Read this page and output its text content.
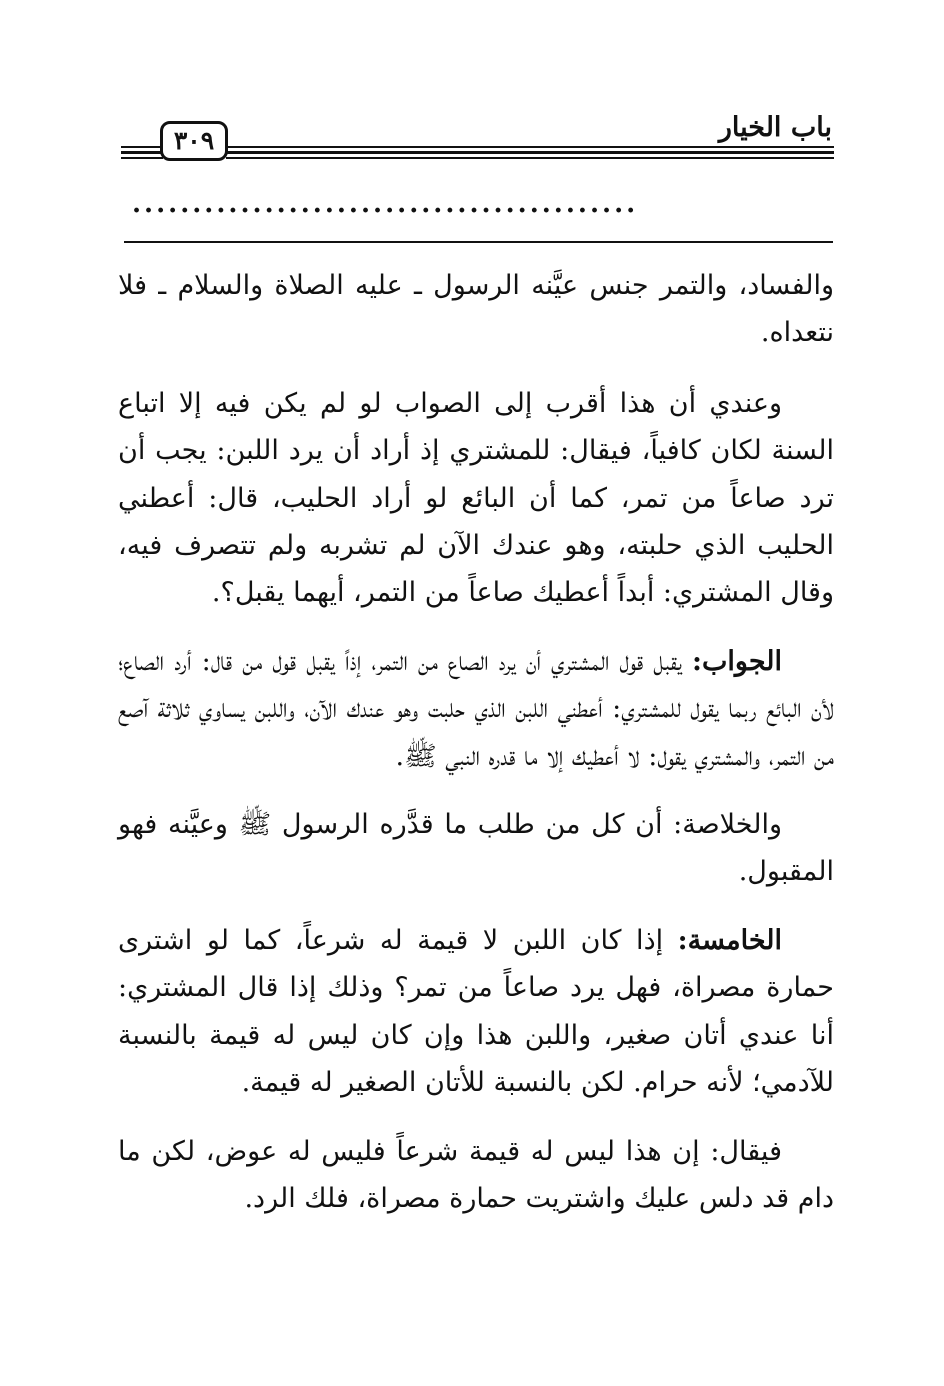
باب الخيار
٣٠٩
..........................................

والفساد، والتمر جنس عيَّنه الرسول ـ عليه الصلاة والسلام ـ فلا نتعداه.

وعندي أن هذا أقرب إلى الصواب لو لم يكن فيه إلا اتباع السنة لكان كافياً، فيقال: للمشتري إذ أراد أن يرد اللبن: يجب أن ترد صاعاً من تمر، كما أن البائع لو أراد الحليب، قال: أعطني الحليب الذي حلبته، وهو عندك الآن لم تشربه ولم تتصرف فيه، وقال المشتري: أبداً أعطيك صاعاً من التمر، أيهما يقبل؟.

الجواب: يقبل قول المشتري أن يرد الصاع من التمر، إذاً يقبل قول من قال: أرد الصاع؛ لأن البائع ربما يقول للمشتري: أعطني اللبن الذي حلبت وهو عندك الآن، واللبن يساوي ثلاثة آصع من التمر، والمشتري يقول: لا أعطيك إلا ما قدره النبي ﷺ.

والخلاصة: أن كل من طلب ما قدَّره الرسول ﷺ وعيَّنه فهو المقبول.

الخامسة: إذا كان اللبن لا قيمة له شرعاً، كما لو اشترى حمارة مصراة، فهل يرد صاعاً من تمر؟ وذلك إذا قال المشتري: أنا عندي أتان صغير، واللبن هذا وإن كان ليس له قيمة بالنسبة للآدمي؛ لأنه حرام. لكن بالنسبة للأتان الصغير له قيمة.

فيقال: إن هذا ليس له قيمة شرعاً فليس له عوض، لكن ما دام قد دلس عليك واشتريت حمارة مصراة، فلك الرد.
